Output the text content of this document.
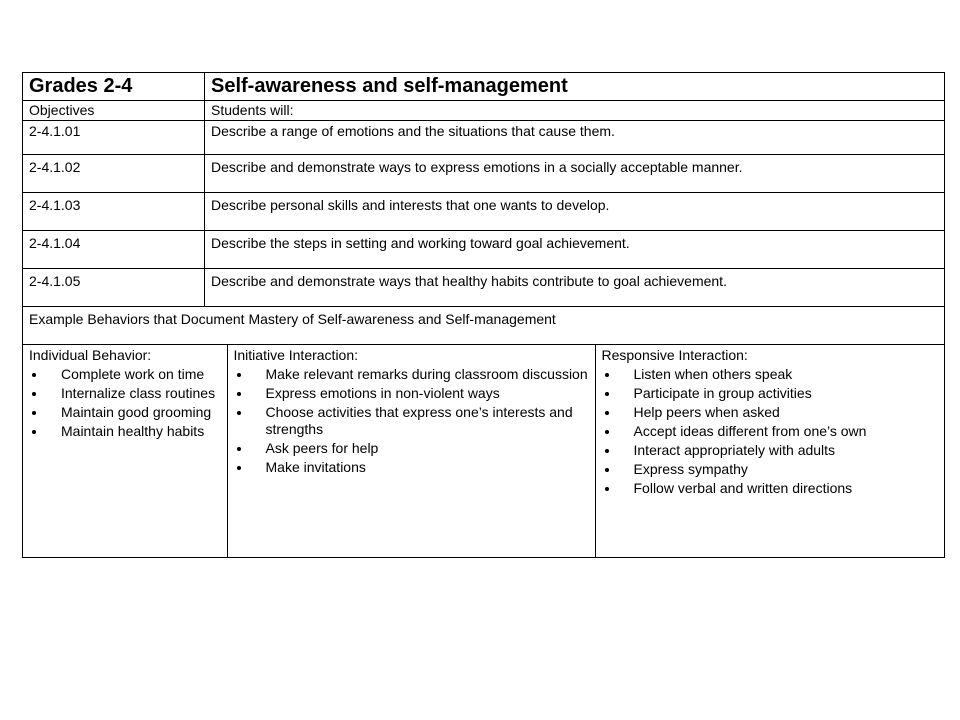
Grades 2-4	Self-awareness and self-management
Objectives	Students will:
2-4.1.01	Describe a range of emotions and the situations that cause them.
2-4.1.02	Describe and demonstrate ways to express emotions in a socially acceptable manner.
2-4.1.03	Describe personal skills and interests that one wants to develop.
2-4.1.04	Describe the steps in setting and working toward goal achievement.
2-4.1.05	Describe and demonstrate ways that healthy habits contribute to goal achievement.
Example Behaviors that Document Mastery of Self-awareness and Self-management

Individual Behavior:
Complete work on time
Internalize class routines
Maintain good grooming
Maintain healthy habits

Initiative Interaction:
Make relevant remarks during classroom discussion
Express emotions in non-violent ways
Choose activities that express one’s interests and strengths
Ask peers for help
Make invitations

Responsive Interaction:
Listen when others speak
Participate in group activities
Help peers when asked
Accept ideas different from one’s own
Interact appropriately with adults
Express sympathy
Follow verbal and written directions
